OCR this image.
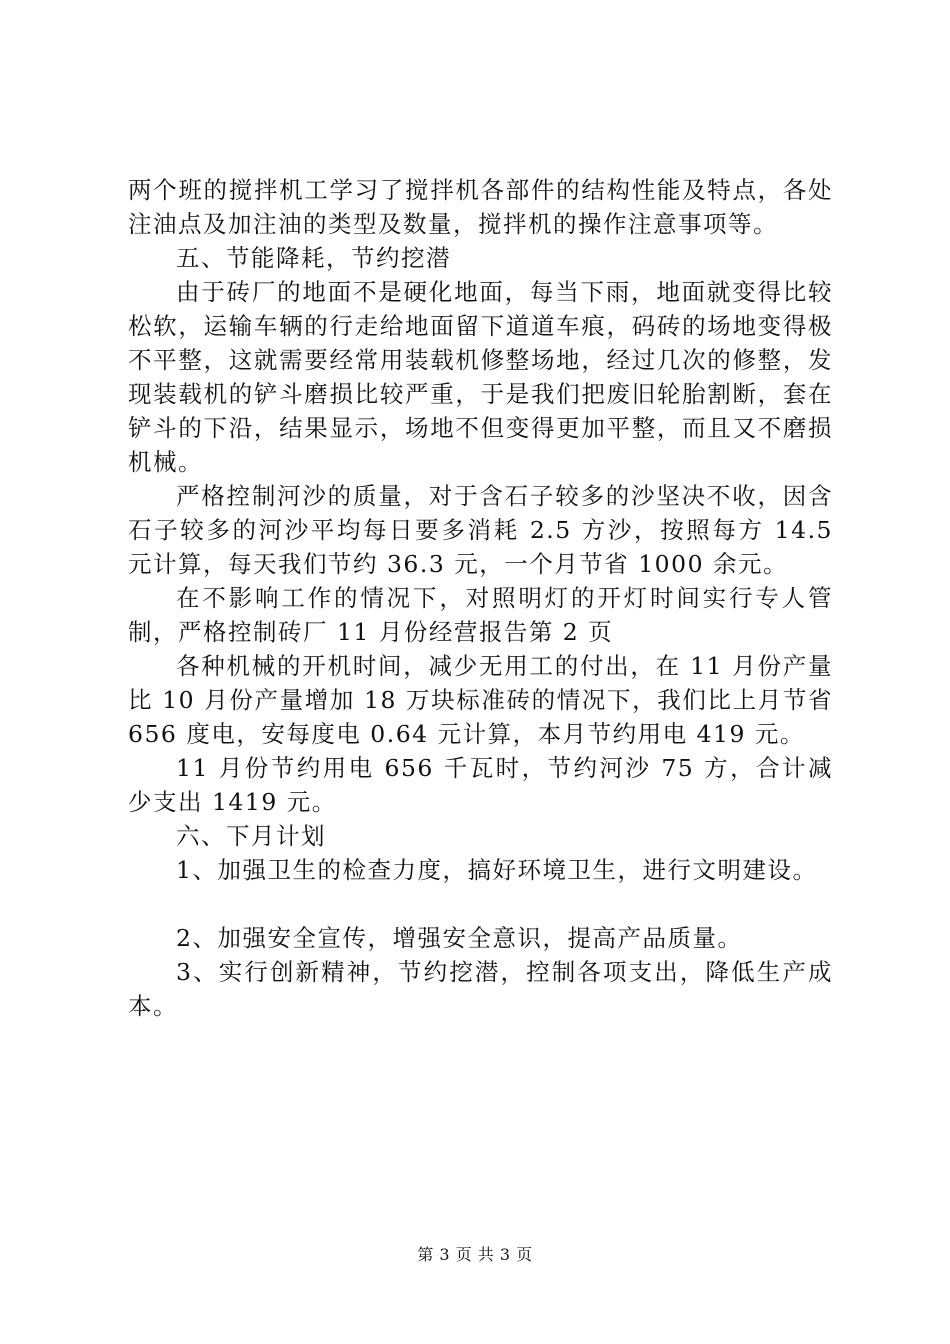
两个班的搅拌机工学习了搅拌机各部件的结构性能及特点，各处注油点及加注油的类型及数量，搅拌机的操作注意事项等。

五、节能降耗，节约挖潜

由于砖厂的地面不是硬化地面，每当下雨，地面就变得比较松软，运输车辆的行走给地面留下道道车痕，码砖的场地变得极不平整，这就需要经常用装载机修整场地，经过几次的修整，发现装载机的铲斗磨损比较严重，于是我们把废旧轮胎割断，套在铲斗的下沿，结果显示，场地不但变得更加平整，而且又不磨损机械。

严格控制河沙的质量，对于含石子较多的沙坚决不收，因含石子较多的河沙平均每日要多消耗 2.5 方沙，按照每方 14.5 元计算，每天我们节约 36.3 元，一个月节省 1000 余元。

在不影响工作的情况下，对照明灯的开灯时间实行专人管制，严格控制砖厂 11 月份经营报告第 2 页

各种机械的开机时间，减少无用工的付出，在 11 月份产量比 10 月份产量增加 18 万块标准砖的情况下，我们比上月节省 656 度电，安每度电 0.64 元计算，本月节约用电 419 元。

11 月份节约用电 656 千瓦时，节约河沙 75 方，合计减少支出 1419 元。

六、下月计划

1、加强卫生的检查力度，搞好环境卫生，进行文明建设。

2、加强安全宣传，增强安全意识，提高产品质量。

3、实行创新精神，节约挖潜，控制各项支出，降低生产成本。

第 3 页 共 3 页
